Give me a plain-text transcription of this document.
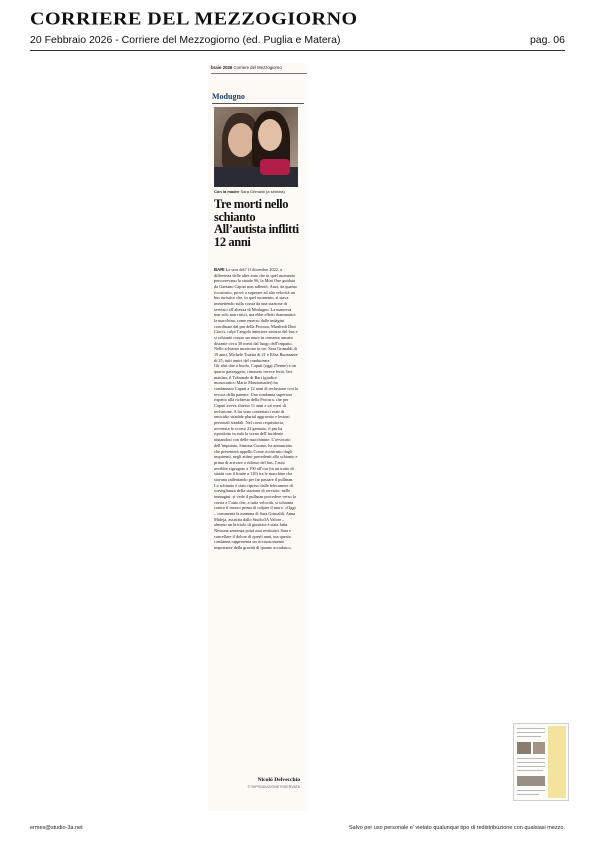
CORRIERE DEL MEZZOGIORNO
20 Febbraio 2026 - Corriere del Mezzogiorno (ed. Puglia e Matera)	pag. 06
braio 2026 Corriere del Mezzogiorno
Modugno
Con la madre Sara Grimaldi (a sinistra)
Tre morti nello schianto All’autista inflitti 12 anni

BARI La sera dell’11 dicembre 2022, a differenza delle altre auto che in quel momento percorrevano la statale 96, la Mini One guidata da Gaetano Caputi non rallentò. Anzi, da quanto ricostruito, provò a superare ad alta velocità un bus turistico che, in quel momento, si stava immettendo sulla corsia da una stazione di servizio all’altezza di Modugno. La manovra non solo non riuscì, ma ebbe effetti drammatici: la macchina, come emerso dalle indagini coordinate dal pm della Procura, Manfredi Dini Ciacci, colpì l’angolo anteriore sinistro del bus e si schiantò contro un muro in cemento armato distante circa 30 metri dal luogo dell’impatto. Nello schianto morirono in tre: Sara Grimaldi di 19 anni, Michele Traetta di 21 e Elisa Buonsante di 25, tutti amici del conducente.
Gli altri due a bordo, Caputi (oggi 25enne) e un quarto passeggero, rimasero invece feriti. Ieri mattina, il Tribunale di Bari (giudice monocratico Mario Mastromattei) ha condannato Caputi a 12 anni di reclusione con la revoca della patente. Una condanna superiore rispetto alla richiesta della Procura, che per Caputi aveva chiesto 11 anni e sei mesi di reclusione. A lui sono contestati i reati di omicidio stradale plurial aggravato e lesioni personali stradali. Nel corso requisitoria, avvenuta lo scorso 22 gennaio, il pm ha riprodotto in aula la scena dell’incidente aiutandosi con delle macchinine. L’avvocato dell’imputato, Simona Cuomo, ha annunciato che presenterà appello.Come ricostruito dagli inquirenti, negli attimi precedenti allo schianto e prima di arrivare a ridosso del bus, l’auto avrebbe zigzagato a 190 all’ora (in un tratto di strada con il limite a 110) tra le macchine che stavano rallentando per far passare il pullman. Lo schianto è stato ripreso dalle telecamere di sorveglianza della stazione di servizio: nelle immagini, si vede il pullman procedere verso la corsia e l’auto che, a tutta velocità, si schianta contro il mezzo prima di colpire il muro. «Oggi – commenta la mamma di Sara Grimaldi, Anna Mideja, assistita dallo Studio3A Valore – almeno un briciolo di giustizia è stata fatta. Nessuna sentenza potrà mai restituirci Sara e cancellare il dolore di questi anni, ma questa condanna rappresenta un riconoscimento importante della gravità di quanto accaduto».

Nicolò Delvecchio
© RIPRODUZIONE RISERVATA
ermes@studio-3a.net	Salvo per uso personale e' vietato qualunque tipo di redistribuzione con qualsiasi mezzo.
